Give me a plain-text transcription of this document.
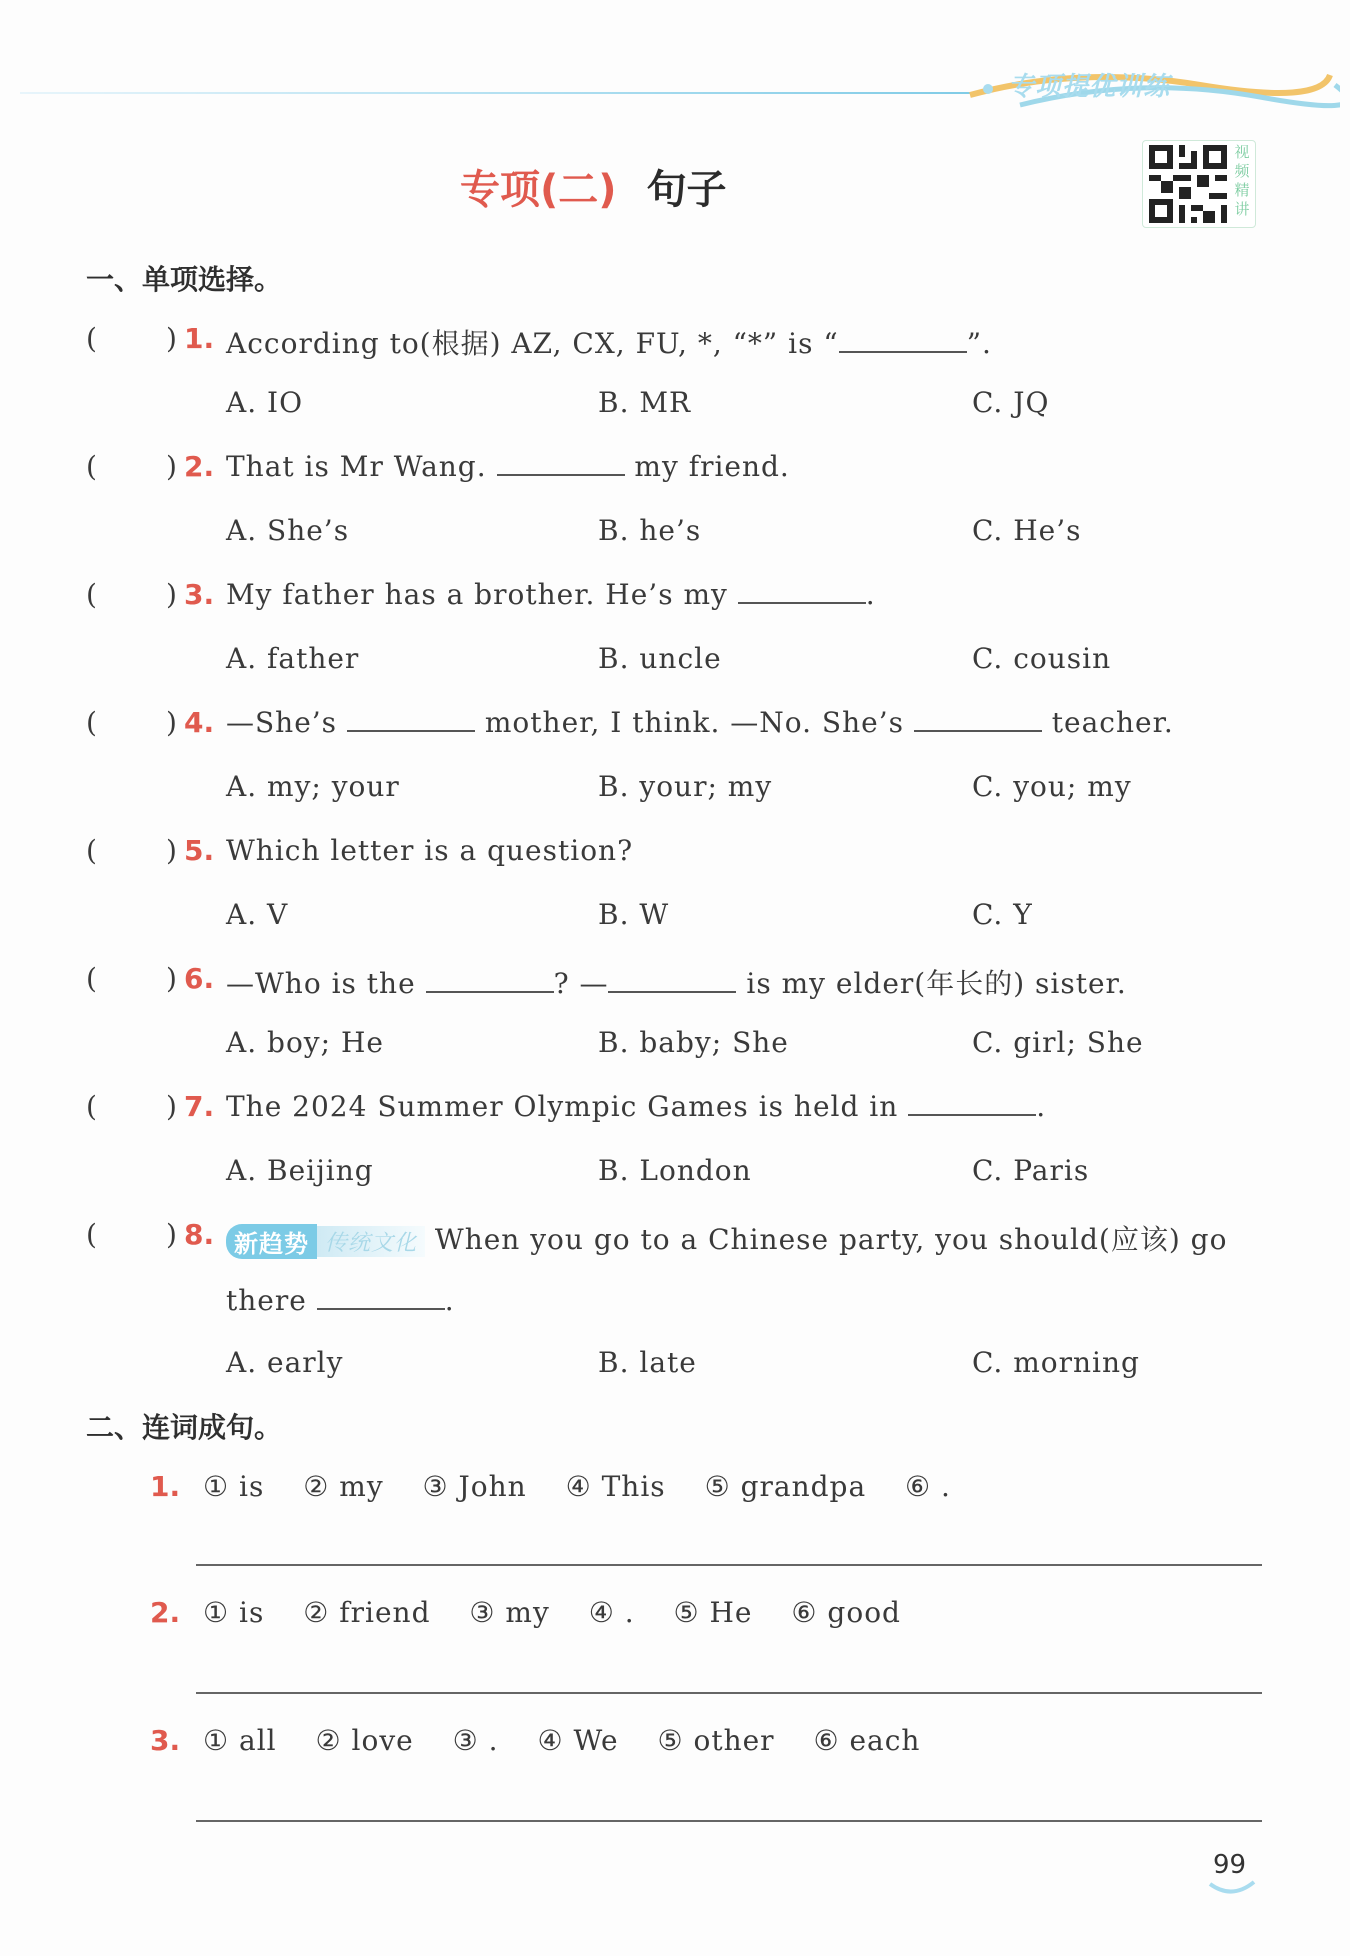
专项提优训练
专项(二) 句子
视频精讲
一、单项选择。
( ) 1. According to(根据) AZ, CX, FU, *, “*” is “	”.
A. IO	B. MR	C. JQ
( ) 2. That is Mr Wang.	my friend.
A. She’s	B. he’s	C. He’s
( ) 3. My father has a brother. He’s my	.
A. father	B. uncle	C. cousin
( ) 4. —She’s	mother, I think. —No. She’s	teacher.
A. my; your	B. your; my	C. you; my
( ) 5. Which letter is a question?
A. V	B. W	C. Y
( ) 6. —Who is the	? —	is my elder(年长的) sister.
A. boy; He	B. baby; She	C. girl; She
( ) 7. The 2024 Summer Olympic Games is held in	.
A. Beijing	B. London	C. Paris
( ) 8. 新趋势 传统文化 When you go to a Chinese party, you should(应该) go
there	.
A. early	B. late	C. morning
二、连词成句。
1. ① is ② my ③ John ④ This ⑤ grandpa ⑥ .
2. ① is ② friend ③ my ④ . ⑤ He ⑥ good
3. ① all ② love ③ . ④ We ⑤ other ⑥ each
99
